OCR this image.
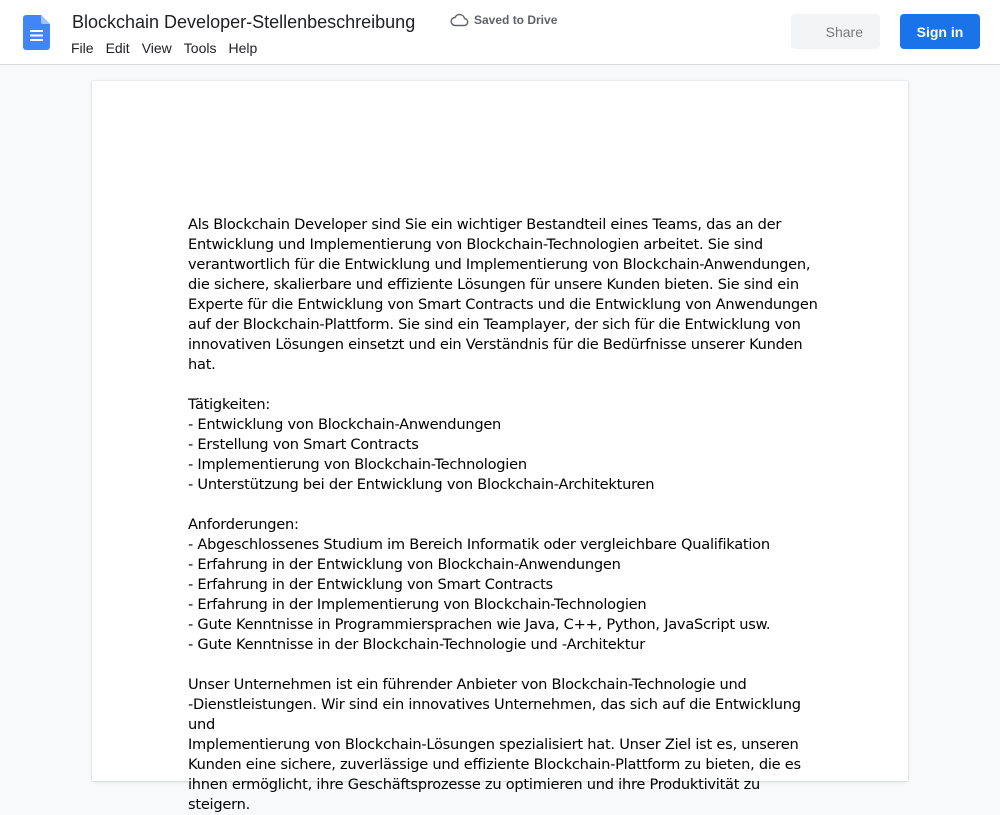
Blockchain Developer-Stellenbeschreibung	Saved to Drive
File Edit View Tools Help
Share	Sign in

Als Blockchain Developer sind Sie ein wichtiger Bestandteil eines Teams, das an der

Entwicklung und Implementierung von Blockchain-Technologien arbeitet. Sie sind

verantwortlich für die Entwicklung und Implementierung von Blockchain-Anwendungen,

die sichere, skalierbare und effiziente Lösungen für unsere Kunden bieten. Sie sind ein

Experte für die Entwicklung von Smart Contracts und die Entwicklung von Anwendungen

auf der Blockchain-Plattform. Sie sind ein Teamplayer, der sich für die Entwicklung von

innovativen Lösungen einsetzt und ein Verständnis für die Bedürfnisse unserer Kunden

hat.

Tätigkeiten:

- Entwicklung von Blockchain-Anwendungen

- Erstellung von Smart Contracts

- Implementierung von Blockchain-Technologien

- Unterstützung bei der Entwicklung von Blockchain-Architekturen

Anforderungen:

- Abgeschlossenes Studium im Bereich Informatik oder vergleichbare Qualifikation

- Erfahrung in der Entwicklung von Blockchain-Anwendungen

- Erfahrung in der Entwicklung von Smart Contracts

- Erfahrung in der Implementierung von Blockchain-Technologien

- Gute Kenntnisse in Programmiersprachen wie Java, C++, Python, JavaScript usw.

- Gute Kenntnisse in der Blockchain-Technologie und -Architektur

Unser Unternehmen ist ein führender Anbieter von Blockchain-Technologie und

-Dienstleistungen. Wir sind ein innovatives Unternehmen, das sich auf die Entwicklung und

Implementierung von Blockchain-Lösungen spezialisiert hat. Unser Ziel ist es, unseren

Kunden eine sichere, zuverlässige und effiziente Blockchain-Plattform zu bieten, die es

ihnen ermöglicht, ihre Geschäftsprozesse zu optimieren und ihre Produktivität zu steigern.
